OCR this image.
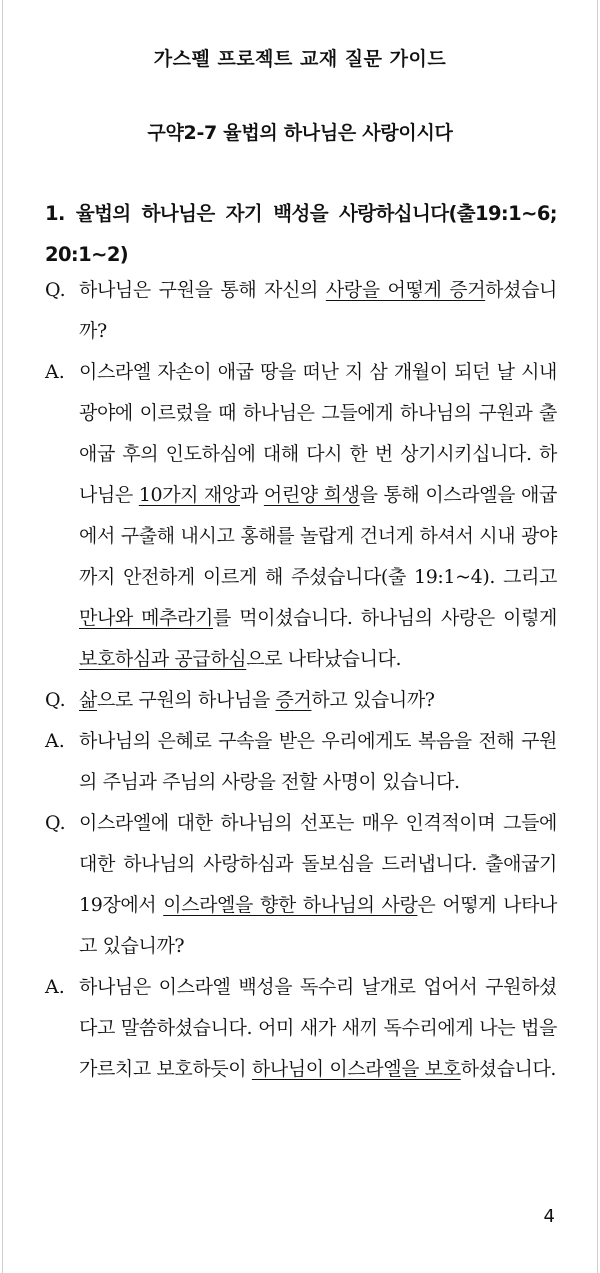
가스펠 프로젝트 교재 질문 가이드
구약2-7 율법의 하나님은 사랑이시다

1. 율법의 하나님은 자기 백성을 사랑하십니다(출19:1~6; 20:1~2)

Q. 하나님은 구원을 통해 자신의 사랑을 어떻게 증거하셨습니까?

A. 이스라엘 자손이 애굽 땅을 떠난 지 삼 개월이 되던 날 시내 광야에 이르렀을 때 하나님은 그들에게 하나님의 구원과 출애굽 후의 인도하심에 대해 다시 한 번 상기시키십니다. 하나님은 10가지 재앙과 어린양 희생을 통해 이스라엘을 애굽에서 구출해 내시고 홍해를 놀랍게 건너게 하셔서 시내 광야까지 안전하게 이르게 해 주셨습니다(출 19:1~4). 그리고 만나와 메추라기를 먹이셨습니다. 하나님의 사랑은 이렇게 보호하심과 공급하심으로 나타났습니다.

Q. 삶으로 구원의 하나님을 증거하고 있습니까?

A. 하나님의 은혜로 구속을 받은 우리에게도 복음을 전해 구원의 주님과 주님의 사랑을 전할 사명이 있습니다.

Q. 이스라엘에 대한 하나님의 선포는 매우 인격적이며 그들에 대한 하나님의 사랑하심과 돌보심을 드러냅니다. 출애굽기 19장에서 이스라엘을 향한 하나님의 사랑은 어떻게 나타나고 있습니까?

A. 하나님은 이스라엘 백성을 독수리 날개로 업어서 구원하셨다고 말씀하셨습니다. 어미 새가 새끼 독수리에게 나는 법을 가르치고 보호하듯이 하나님이 이스라엘을 보호하셨습니다.

4
